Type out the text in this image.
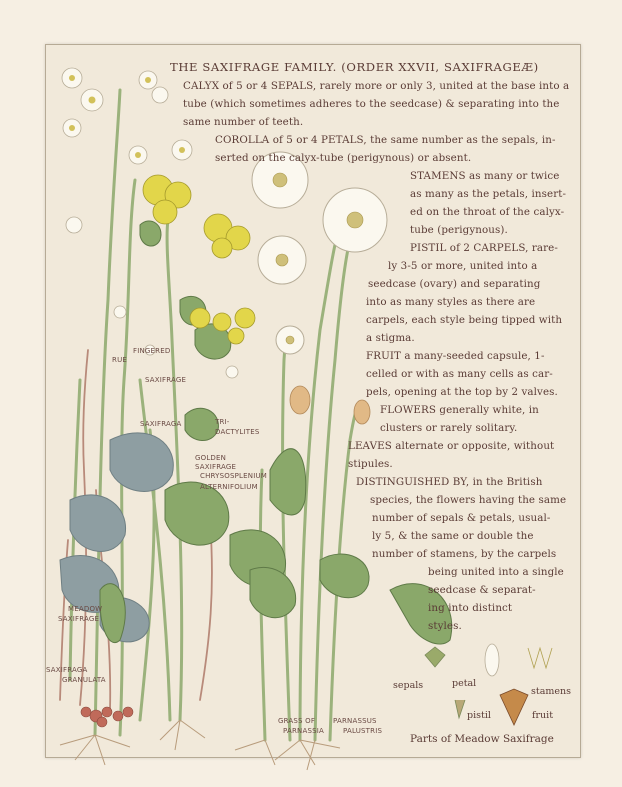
THE SAXIFRAGE FAMILY. (ORDER XXVII, SAXIFRAGEÆ)
CALYX of 5 or 4 SEPALS, rarely more or only 3, united at the base into a
tube (which sometimes adheres to the seedcase) & separating into the
same number of teeth.
COROLLA of 5 or 4 PETALS, the same number as the sepals, in-
serted on the calyx-tube (perigynous) or absent.
STAMENS as many or twice
as many as the petals, insert-
ed on the throat of the calyx-
tube (perigynous).
PISTIL of 2 CARPELS, rare-
ly 3-5 or more, united into a
seedcase (ovary) and separating
into as many styles as there are
carpels, each style being tipped with
a stigma.
FRUIT a many-seeded capsule, 1-
celled or with as many cells as car-
pels, opening at the top by 2 valves.
FLOWERS generally white, in
clusters or rarely solitary.
LEAVES alternate or opposite, without
stipules.
DISTINGUISHED BY, in the British
species, the flowers having the same
number of sepals & petals, usual-
ly 5, & the same or double the
number of stamens, by the carpels
being united into a single
seedcase & separat-
ing into distinct
styles.
FINGERED
SAXIFRAGE
RUE
SAXIFRAGA	TRI-
DACTYLITES
GOLDEN
SAXIFRAGE
CHRYSOSPLENIUM
ALTERNIFOLIUM
MEADOW
SAXIFRAGE
SAXIFRAGA
GRANULATA
GRASS OF
PARNASSIA
PARNASSUS
PALUSTRIS
sepals	petal
stamens
pistil	fruit
Parts of Meadow Saxifrage
